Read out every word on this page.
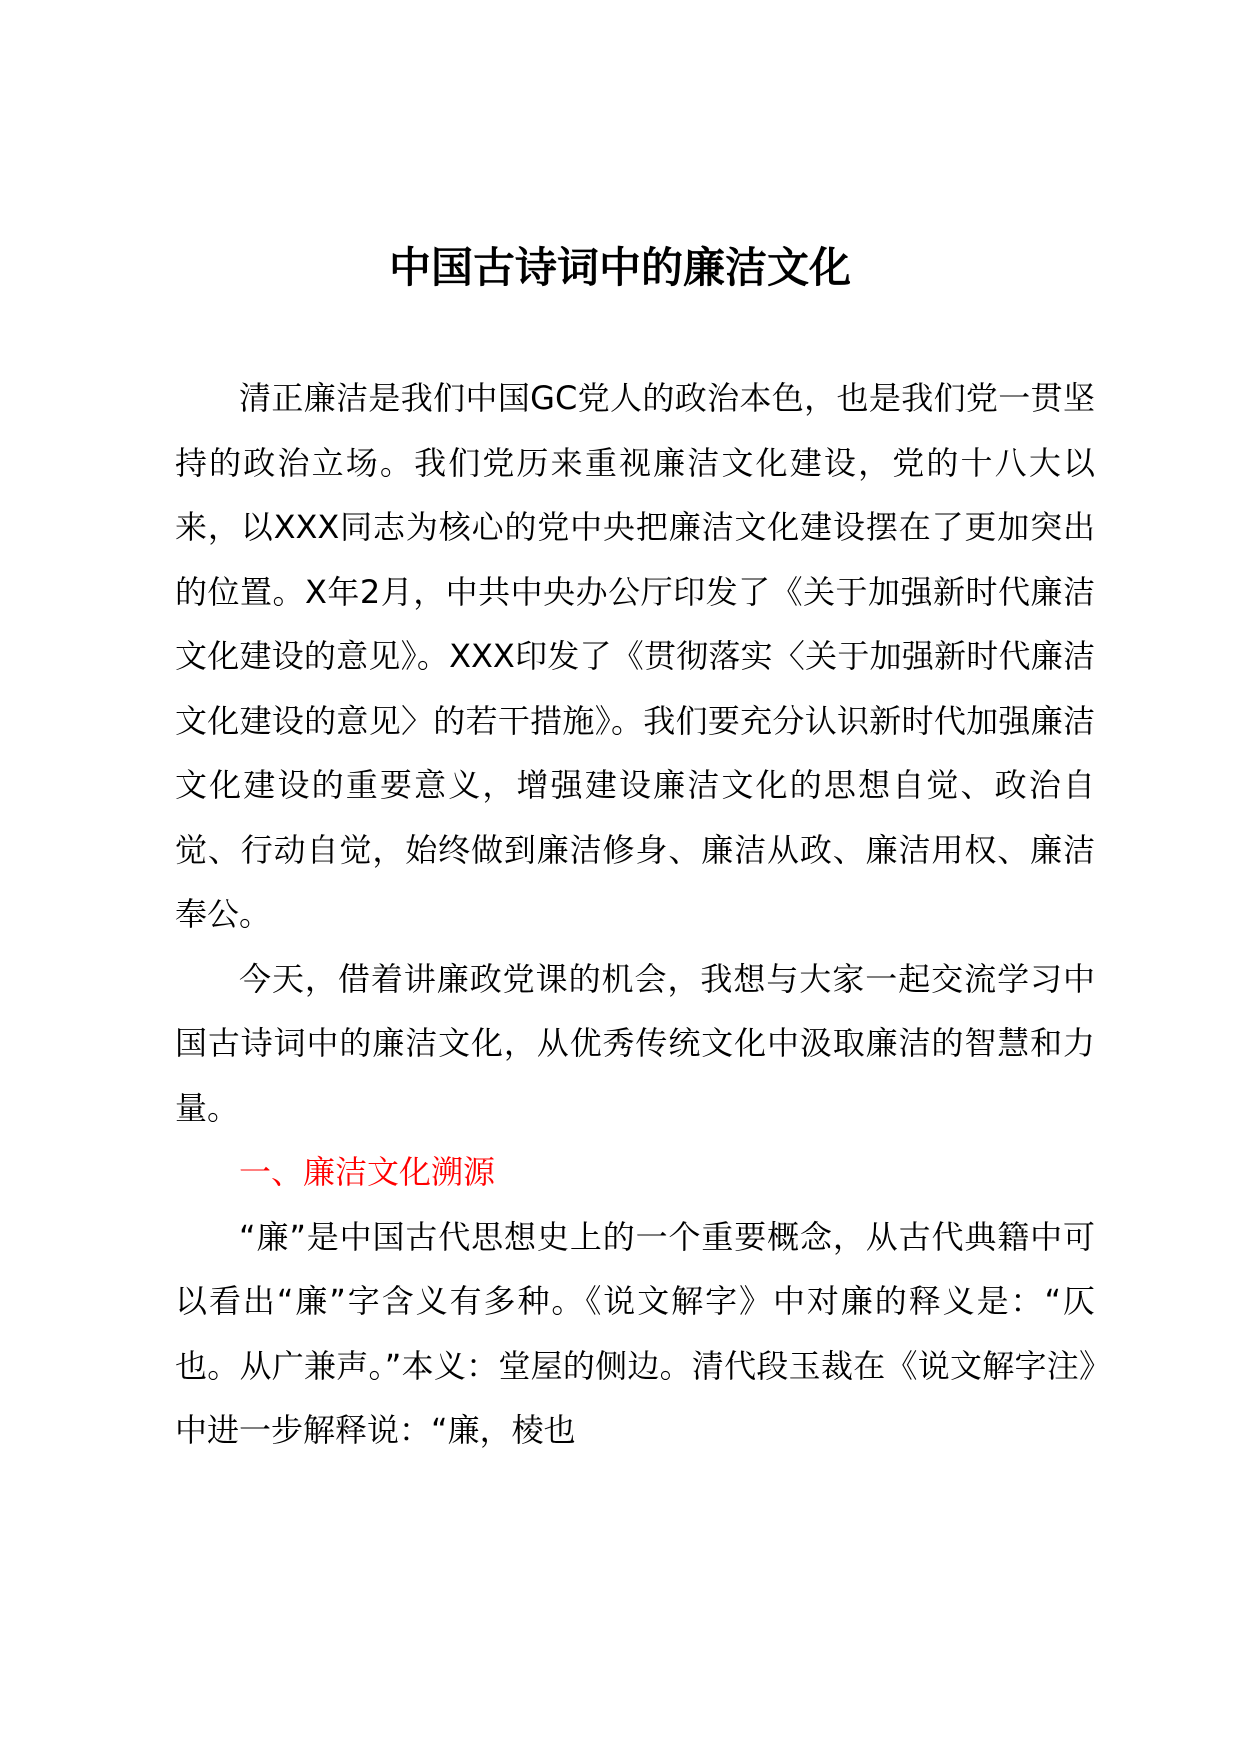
中国古诗词中的廉洁文化

清正廉洁是我们中国GC党人的政治本色，也是我们党一贯坚持的政治立场。我们党历来重视廉洁文化建设，党的十八大以来，以XXX同志为核心的党中央把廉洁文化建设摆在了更加突出的位置。X年2月，中共中央办公厅印发了《关于加强新时代廉洁文化建设的意见》。XXX印发了《贯彻落实〈关于加强新时代廉洁文化建设的意见〉的若干措施》。我们要充分认识新时代加强廉洁文化建设的重要意义，增强建设廉洁文化的思想自觉、政治自觉、行动自觉，始终做到廉洁修身、廉洁从政、廉洁用权、廉洁奉公。

今天，借着讲廉政党课的机会，我想与大家一起交流学习中国古诗词中的廉洁文化，从优秀传统文化中汲取廉洁的智慧和力量。

一、廉洁文化溯源

“廉”是中国古代思想史上的一个重要概念，从古代典籍中可以看出“廉”字含义有多种。《说文解字》中对廉的释义是：“仄也。从广兼声。”本义：堂屋的侧边。清代段玉裁在《说文解字注》中进一步解释说：“廉，棱也
